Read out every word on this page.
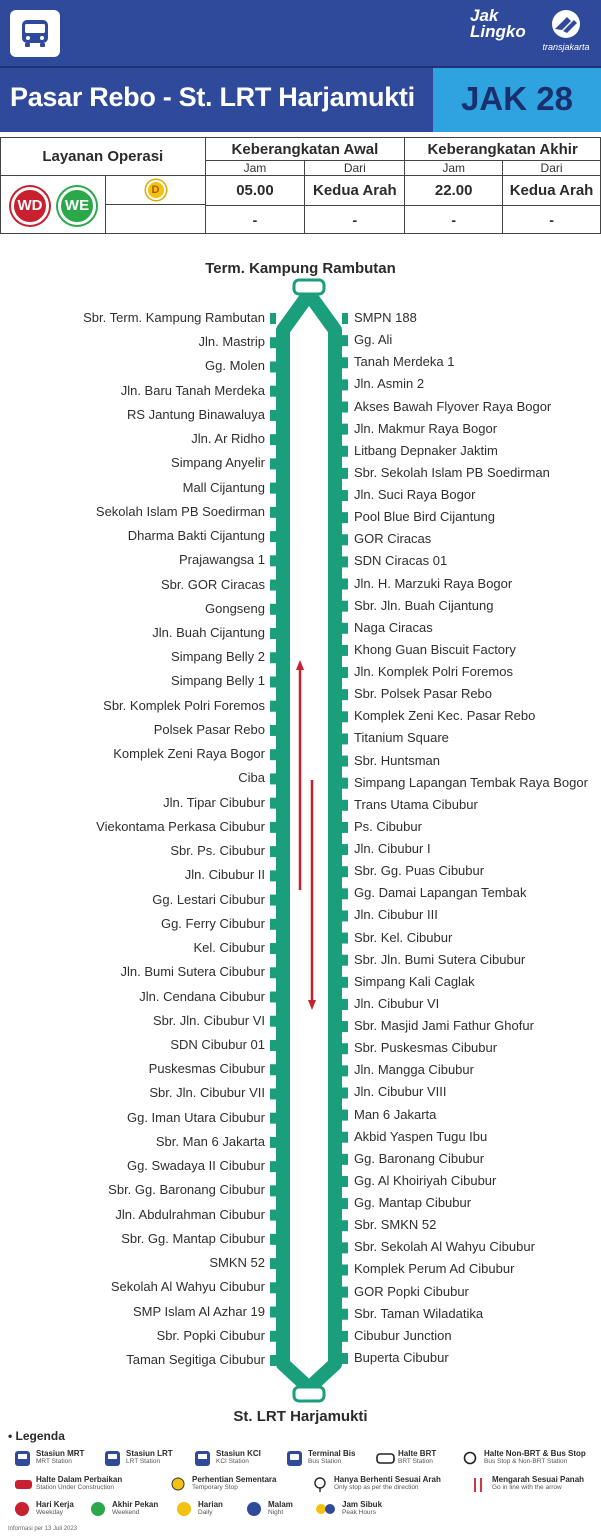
Jak
Lingko
transjakarta
Pasar Rebo - St. LRT Harjamukti	JAK 28
Layanan Operasi	Keberangkatan Awal		Keberangkatan Akhir	
	Jam	Dari	Jam	Dari

WD WE
D	05.00	Kedua Arah	22.00	Kedua Arah
	-	-	-	-
Term. Kampung Rambutan
Sbr. Term. Kampung Rambutan
Jln. Mastrip
Gg. Molen
Jln. Baru Tanah Merdeka
RS Jantung Binawaluya
Jln. Ar Ridho
Simpang Anyelir
Mall Cijantung
Sekolah Islam PB Soedirman
Dharma Bakti Cijantung
Prajawangsa 1
Sbr. GOR Ciracas
Gongseng
Jln. Buah Cijantung
Simpang Belly 2
Simpang Belly 1
Sbr. Komplek Polri Foremos
Polsek Pasar Rebo
Komplek Zeni Raya Bogor
Ciba
Jln. Tipar Cibubur
Viekontama Perkasa Cibubur
Sbr. Ps. Cibubur
Jln. Cibubur II
Gg. Lestari Cibubur
Gg. Ferry Cibubur
Kel. Cibubur
Jln. Bumi Sutera Cibubur
Jln. Cendana Cibubur
Sbr. Jln. Cibubur VI
SDN Cibubur 01
Puskesmas Cibubur
Sbr. Jln. Cibubur VII
Gg. Iman Utara Cibubur
Sbr. Man 6 Jakarta
Gg. Swadaya II Cibubur
Sbr. Gg. Baronang Cibubur
Jln. Abdulrahman Cibubur
Sbr. Gg. Mantap Cibubur
SMKN 52
Sekolah Al Wahyu Cibubur
SMP Islam Al Azhar 19
Sbr. Popki Cibubur
Taman Segitiga Cibubur
SMPN 188
Gg. Ali
Tanah Merdeka 1
Jln. Asmin 2
Akses Bawah Flyover Raya Bogor
Jln. Makmur Raya Bogor
Litbang Depnaker Jaktim
Sbr. Sekolah Islam PB Soedirman
Jln. Suci Raya Bogor
Pool Blue Bird Cijantung
GOR Ciracas
SDN Ciracas 01
Jln. H. Marzuki Raya Bogor
Sbr. Jln. Buah Cijantung
Naga Ciracas
Khong Guan Biscuit Factory
Jln. Komplek Polri Foremos
Sbr. Polsek Pasar Rebo
Komplek Zeni Kec. Pasar Rebo
Titanium Square
Sbr. Huntsman
Simpang Lapangan Tembak Raya Bogor
Trans Utama Cibubur
Ps. Cibubur
Jln. Cibubur I
Sbr. Gg. Puas Cibubur
Gg. Damai Lapangan Tembak
Jln. Cibubur III
Sbr. Kel. Cibubur
Sbr. Jln. Bumi Sutera Cibubur
Simpang Kali Caglak
Jln. Cibubur VI
Sbr. Masjid Jami Fathur Ghofur
Sbr. Puskesmas Cibubur
Jln. Mangga Cibubur
Jln. Cibubur VIII
Man 6 Jakarta
Akbid Yaspen Tugu Ibu
Gg. Baronang Cibubur
Gg. Al Khoiriyah Cibubur
Gg. Mantap Cibubur
Sbr. SMKN 52
Sbr. Sekolah Al Wahyu Cibubur
Komplek Perum Ad Cibubur
GOR Popki Cibubur
Sbr. Taman Wiladatika
Cibubur Junction
Buperta Cibubur
St. LRT Harjamukti
• Legenda
Stasiun MRT
MRT Station
Stasiun LRT
LRT Station
Stasiun KCI
KCI Station
Terminal Bis
Bus Station
Halte BRT
BRT Station
Halte Non-BRT & Bus Stop
Bus Stop & Non-BRT Station
Halte Dalam Perbaikan
Station Under Construction
Perhentian Sementara
Temporary Stop
Hanya Berhenti Sesuai Arah
Only stop as per the direction
Mengarah Sesuai Panah
Go in line with the arrow
Hari Kerja
Weekday
Akhir Pekan
Weekend
Harian
Daily
Malam
Night
Jam Sibuk
Peak Hours
Informasi per 13 Juli 2023
